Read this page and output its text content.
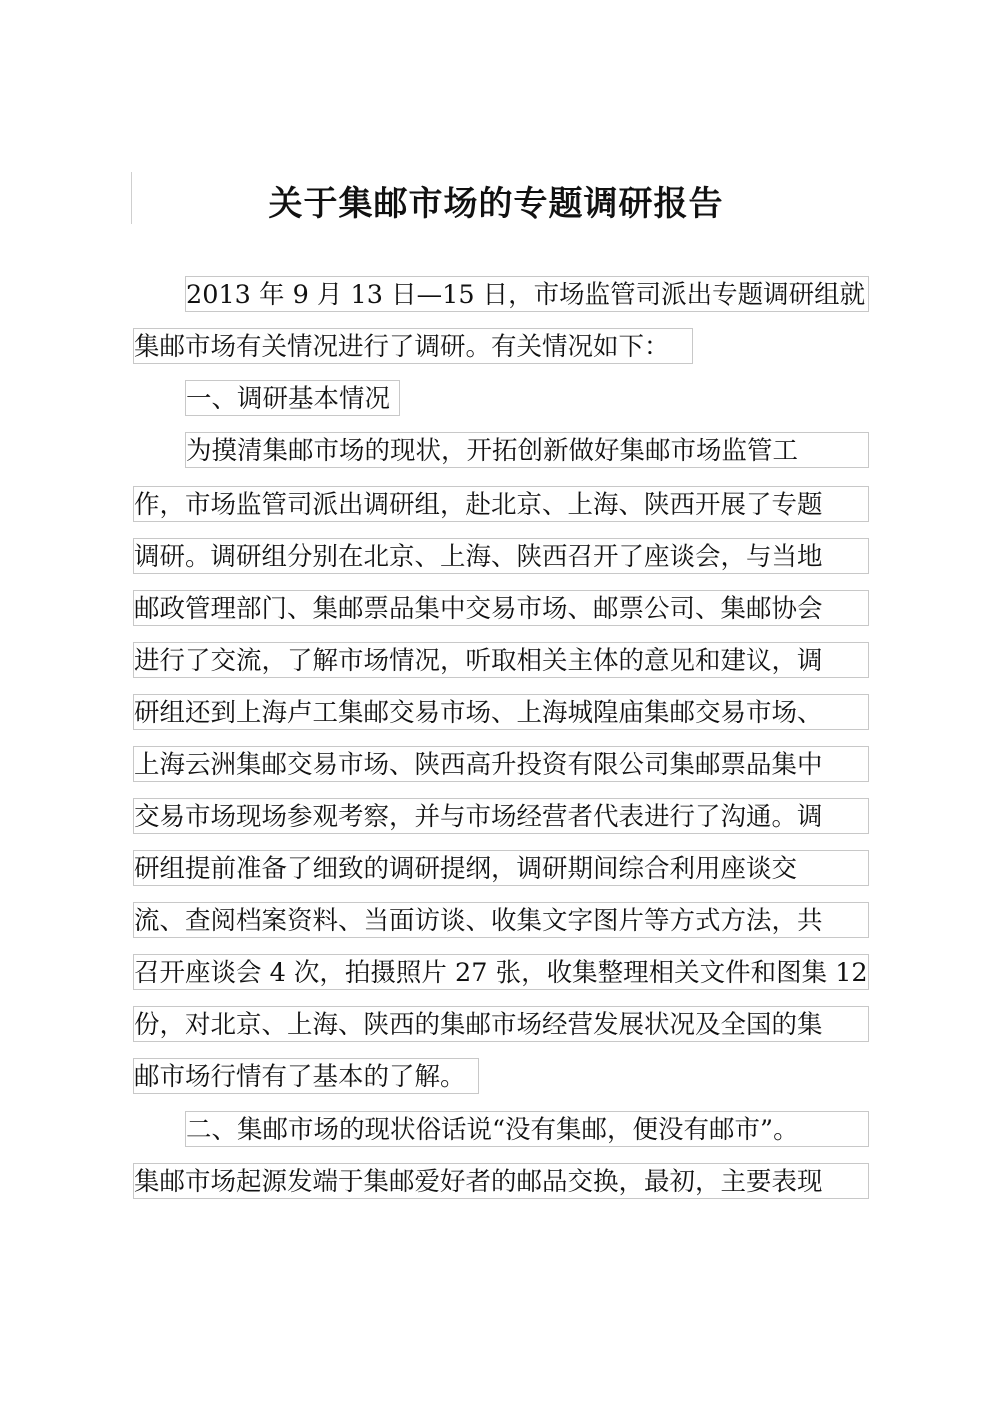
关于集邮市场的专题调研报告
2013 年 9 月 13 日—15 日，市场监管司派出专题调研组就
集邮市场有关情况进行了调研。有关情况如下：
一、调研基本情况
为摸清集邮市场的现状，开拓创新做好集邮市场监管工
作，市场监管司派出调研组，赴北京、上海、陕西开展了专题
调研。调研组分别在北京、上海、陕西召开了座谈会，与当地
邮政管理部门、集邮票品集中交易市场、邮票公司、集邮协会
进行了交流，了解市场情况，听取相关主体的意见和建议，调
研组还到上海卢工集邮交易市场、上海城隍庙集邮交易市场、
上海云洲集邮交易市场、陕西高升投资有限公司集邮票品集中
交易市场现场参观考察，并与市场经营者代表进行了沟通。调
研组提前准备了细致的调研提纲，调研期间综合利用座谈交
流、查阅档案资料、当面访谈、收集文字图片等方式方法，共
召开座谈会 4 次，拍摄照片 27 张，收集整理相关文件和图集 12
份，对北京、上海、陕西的集邮市场经营发展状况及全国的集
邮市场行情有了基本的了解。
二、集邮市场的现状俗话说“没有集邮，便没有邮市”。
集邮市场起源发端于集邮爱好者的邮品交换，最初，主要表现
